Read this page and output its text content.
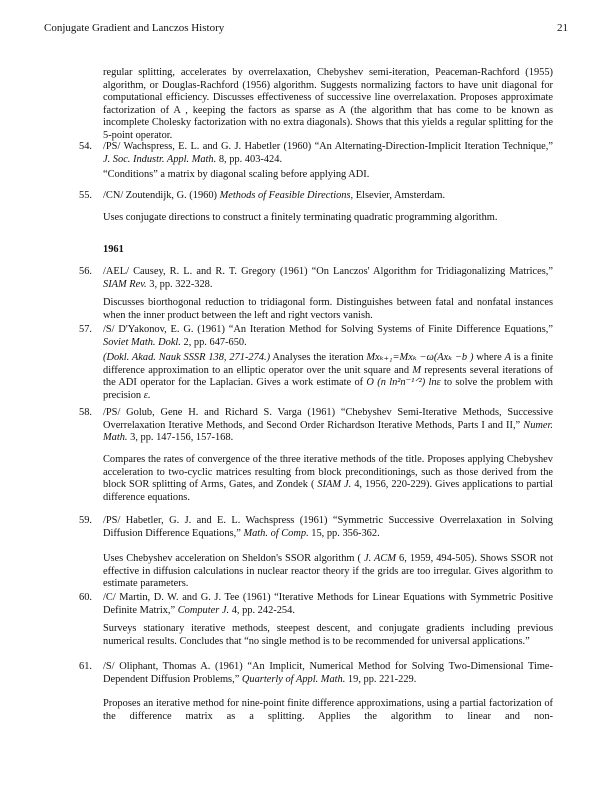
Conjugate Gradient and Lanczos History	21
regular splitting, accelerates by overrelaxation, Chebyshev semi-iteration, Peaceman-Rachford (1955) algorithm, or Douglas-Rachford (1956) algorithm. Suggests normalizing factors to have unit diagonal for computational efficiency. Discusses effectiveness of successive line overrelaxation. Proposes approximate factorization of A , keeping the factors as sparse as A (the algorithm that has come to be known as incomplete Cholesky factorization with no extra diagonals). Shows that this yields a regular splitting for the 5-point operator.
54. /PS/ Wachspress, E. L. and G. J. Habetler (1960) “An Alternating-Direction-Implicit Iteration Technique,” J. Soc. Industr. Appl. Math. 8, pp. 403-424.
“Conditions” a matrix by diagonal scaling before applying ADI.
55. /CN/ Zoutendijk, G. (1960) Methods of Feasible Directions, Elsevier, Amsterdam.
Uses conjugate directions to construct a finitely terminating quadratic programming algorithm.
1961
56. /AEL/ Causey, R. L. and R. T. Gregory (1961) “On Lanczos' Algorithm for Tridiagonalizing Matrices,” SIAM Rev. 3, pp. 322-328.
Discusses biorthogonal reduction to tridiagonal form. Distinguishes between fatal and nonfatal instances when the inner product between the left and right vectors vanish.
57. /S/ D'Yakonov, E. G. (1961) “An Iteration Method for Solving Systems of Finite Difference Equations,” Soviet Math. Dokl. 2, pp. 647-650.
(Dokl. Akad. Nauk SSSR 138, 271-274.) Analyses the iteration Mxₖ₊₁=Mxₖ −ω(Axₖ −b ) where A is a finite difference approximation to an elliptic operator over the unit square and M represents several iterations of the ADI operator for the Laplacian. Gives a work estimate of O (n ln²n⁻¹ᐟ²) lnε to solve the problem with precision ε.
58. /PS/ Golub, Gene H. and Richard S. Varga (1961) “Chebyshev Semi-Iterative Methods, Successive Overrelaxation Iterative Methods, and Second Order Richardson Iterative Methods, Parts I and II,” Numer. Math. 3, pp. 147-156, 157-168.
Compares the rates of convergence of the three iterative methods of the title. Proposes applying Chebyshev acceleration to two-cyclic matrices resulting from block preconditionings, such as those derived from the block SOR splitting of Arms, Gates, and Zondek ( SIAM J. 4, 1956, 220-229). Gives applications to partial difference equations.
59. /PS/ Habetler, G. J. and E. L. Wachspress (1961) “Symmetric Successive Overrelaxation in Solving Diffusion Difference Equations,” Math. of Comp. 15, pp. 356-362.
Uses Chebyshev acceleration on Sheldon's SSOR algorithm ( J. ACM 6, 1959, 494-505). Shows SSOR not effective in diffusion calculations in nuclear reactor theory if the grids are too irregular. Gives algorithm to estimate parameters.
60. /C/ Martin, D. W. and G. J. Tee (1961) “Iterative Methods for Linear Equations with Symmetric Positive Definite Matrix,” Computer J. 4, pp. 242-254.
Surveys stationary iterative methods, steepest descent, and conjugate gradients including previous numerical results. Concludes that “no single method is to be recommended for universal applications.”
61. /S/ Oliphant, Thomas A. (1961) “An Implicit, Numerical Method for Solving Two-Dimensional Time-Dependent Diffusion Problems,” Quarterly of Appl. Math. 19, pp. 221-229.
Proposes an iterative method for nine-point finite difference approximations, using a partial factorization of the difference matrix as a splitting. Applies the algorithm to linear and non-
